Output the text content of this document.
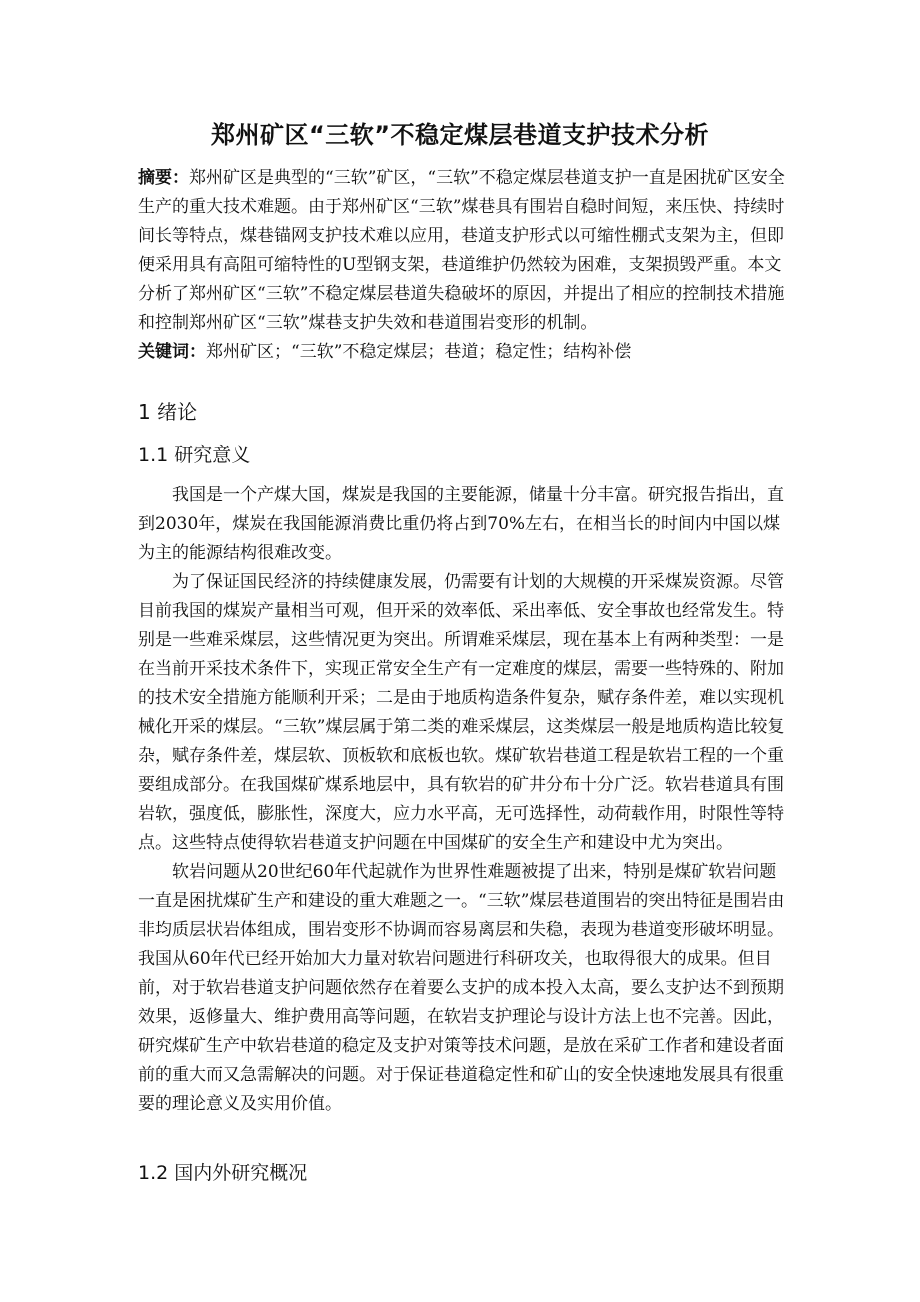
郑州矿区“三软”不稳定煤层巷道支护技术分析

摘要：郑州矿区是典型的“三软”矿区，“三软”不稳定煤层巷道支护一直是困扰矿区安全生产的重大技术难题。由于郑州矿区“三软”煤巷具有围岩自稳时间短，来压快、持续时间长等特点，煤巷锚网支护技术难以应用，巷道支护形式以可缩性棚式支架为主，但即便采用具有高阻可缩特性的U型钢支架，巷道维护仍然较为困难，支架损毁严重。本文分析了郑州矿区“三软”不稳定煤层巷道失稳破坏的原因，并提出了相应的控制技术措施和控制郑州矿区“三软”煤巷支护失效和巷道围岩变形的机制。

关键词：郑州矿区；“三软”不稳定煤层；巷道；稳定性；结构补偿

1 绪论
1.1 研究意义

我国是一个产煤大国，煤炭是我国的主要能源，储量十分丰富。研究报告指出，直到2030年，煤炭在我国能源消费比重仍将占到70%左右，在相当长的时间内中国以煤为主的能源结构很难改变。

为了保证国民经济的持续健康发展，仍需要有计划的大规模的开采煤炭资源。尽管目前我国的煤炭产量相当可观，但开采的效率低、采出率低、安全事故也经常发生。特别是一些难采煤层，这些情况更为突出。所谓难采煤层，现在基本上有两种类型：一是在当前开采技术条件下，实现正常安全生产有一定难度的煤层，需要一些特殊的、附加的技术安全措施方能顺利开采；二是由于地质构造条件复杂，赋存条件差，难以实现机械化开采的煤层。“三软”煤层属于第二类的难采煤层，这类煤层一般是地质构造比较复杂，赋存条件差，煤层软、顶板软和底板也软。煤矿软岩巷道工程是软岩工程的一个重要组成部分。在我国煤矿煤系地层中，具有软岩的矿井分布十分广泛。软岩巷道具有围岩软，强度低，膨胀性，深度大，应力水平高，无可选择性，动荷载作用，时限性等特点。这些特点使得软岩巷道支护问题在中国煤矿的安全生产和建设中尤为突出。

软岩问题从20世纪60年代起就作为世界性难题被提了出来，特别是煤矿软岩问题一直是困扰煤矿生产和建设的重大难题之一。“三软”煤层巷道围岩的突出特征是围岩由非均质层状岩体组成，围岩变形不协调而容易离层和失稳，表现为巷道变形破坏明显。我国从60年代已经开始加大力量对软岩问题进行科研攻关，也取得很大的成果。但目前，对于软岩巷道支护问题依然存在着要么支护的成本投入太高，要么支护达不到预期效果，返修量大、维护费用高等问题，在软岩支护理论与设计方法上也不完善。因此，研究煤矿生产中软岩巷道的稳定及支护对策等技术问题，是放在采矿工作者和建设者面前的重大而又急需解决的问题。对于保证巷道稳定性和矿山的安全快速地发展具有很重要的理论意义及实用价值。

1.2 国内外研究概况
